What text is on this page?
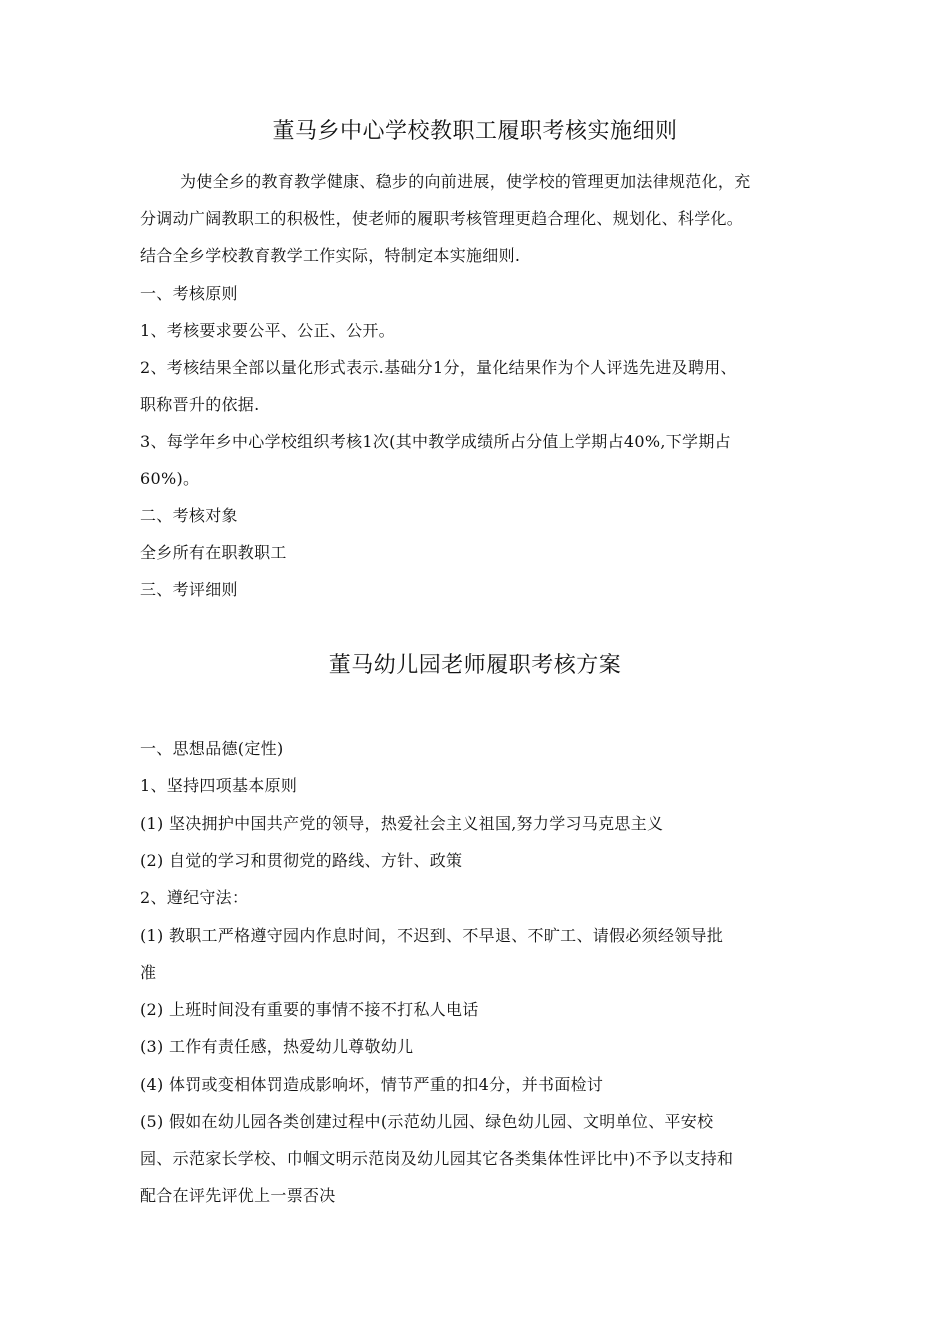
董马乡中心学校教职工履职考核实施细则
为使全乡的教育教学健康、稳步的向前进展，使学校的管理更加法律规范化，充
分调动广阔教职工的积极性，使老师的履职考核管理更趋合理化、规划化、科学化。
结合全乡学校教育教学工作实际，特制定本实施细则.
一、考核原则
1、考核要求要公平、公正、公开。
2、考核结果全部以量化形式表示.基础分1分，量化结果作为个人评选先进及聘用、
职称晋升的依据.
3、每学年乡中心学校组织考核1次(其中教学成绩所占分值上学期占40%,下学期占
60%)。
二、考核对象
全乡所有在职教职工
三、考评细则
董马幼儿园老师履职考核方案
一、思想品德(定性)
1、坚持四项基本原则
(1) 坚决拥护中国共产党的领导，热爱社会主义祖国,努力学习马克思主义
(2) 自觉的学习和贯彻党的路线、方针、政策
2、遵纪守法：
(1) 教职工严格遵守园内作息时间，不迟到、不早退、不旷工、请假必须经领导批
准
(2) 上班时间没有重要的事情不接不打私人电话
(3) 工作有责任感，热爱幼儿尊敬幼儿
(4) 体罚或变相体罚造成影响坏，情节严重的扣4分，并书面检讨
(5) 假如在幼儿园各类创建过程中(示范幼儿园、绿色幼儿园、文明单位、平安校
园、示范家长学校、巾帼文明示范岗及幼儿园其它各类集体性评比中)不予以支持和
配合在评先评优上一票否决
